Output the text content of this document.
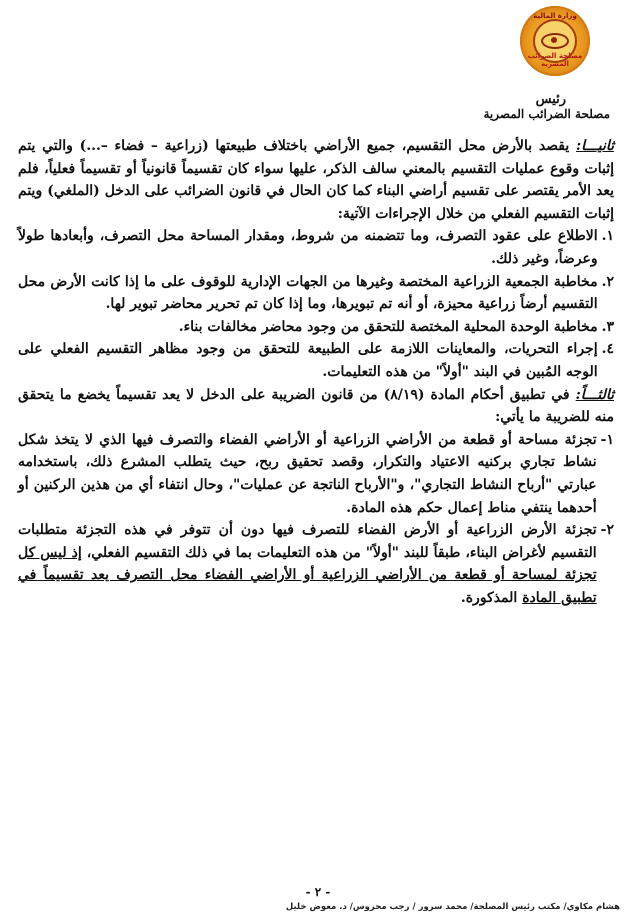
وزارة المالية
مصلحة الضرائب المصرية
رئيس
مصلحة الضرائب المصرية

ثانيـــا: يقصد بالأرض محل التقسيم، جميع الأراضي باختلاف طبيعتها (زراعية – فضاء –...) والتي يتم إثبات وقوع عمليات التقسيم بالمعني سالف الذكر، عليها سواء كان تقسيماً قانونياً أو تقسيماً فعلياً، فلم يعد الأمر يقتصر على تقسيم أراضي البناء كما كان الحال في قانون الضرائب على الدخل (الملغي) ويتم إثبات التقسيم الفعلي من خلال الإجراءات الآتية:

١.
الاطلاع على عقود التصرف، وما تتضمنه من شروط، ومقدار المساحة محل التصرف، وأبعادها طولاً وعرضاً، وغير ذلك.
٢.
مخاطبة الجمعية الزراعية المختصة وغيرها من الجهات الإدارية للوقوف على ما إذا كانت الأرض محل التقسيم أرضاً زراعية محيزة، أو أنه تم تبويرها، وما إذا كان تم تحرير محاضر تبوير لها.
٣.
مخاطبة الوحدة المحلية المختصة للتحقق من وجود محاضر مخالفات بناء.
٤.
إجراء التحريات، والمعاينات اللازمة على الطبيعة للتحقق من وجود مظاهر التقسيم الفعلي على الوجه المُبين في البند "أولاً" من هذه التعليمات.

ثالثـــاً: في تطبيق أحكام المادة (٨/١٩) من قانون الضريبة على الدخل لا يعد تقسيماً يخضع ما يتحقق منه للضريبة ما يأتي:

١-
تجزئة مساحة أو قطعة من الأراضي الزراعية أو الأراضي الفضاء والتصرف فيها الذي لا يتخذ شكل نشاط تجاري بركنيه الاعتياد والتكرار، وقصد تحقيق ربح، حيث يتطلب المشرع ذلك، باستخدامه عبارتي "أرباح النشاط التجاري"، و"الأرباح الناتجة عن عمليات"، وحال انتفاء أي من هذين الركنين أو أحدهما ينتفي مناط إعمال حكم هذه المادة.
٢-
تجزئة الأرض الزراعية أو الأرض الفضاء للتصرف فيها دون أن تتوفر في هذه التجزئة متطلبات التقسيم لأغراض البناء، طبقاً للبند "أولاً" من هذه التعليمات بما في ذلك التقسيم الفعلي، إذ ليس كل تجزئة لمساحة أو قطعة من الأراضي الزراعية أو الأراضي الفضاء محل التصرف يعد تقسيماً في تطبيق المادة المذكورة.
- ٢ -
هشام مكاوي/ مكتب رئيس المصلحة/ محمد سرور / رجب محروس/ د. معوض خليل
